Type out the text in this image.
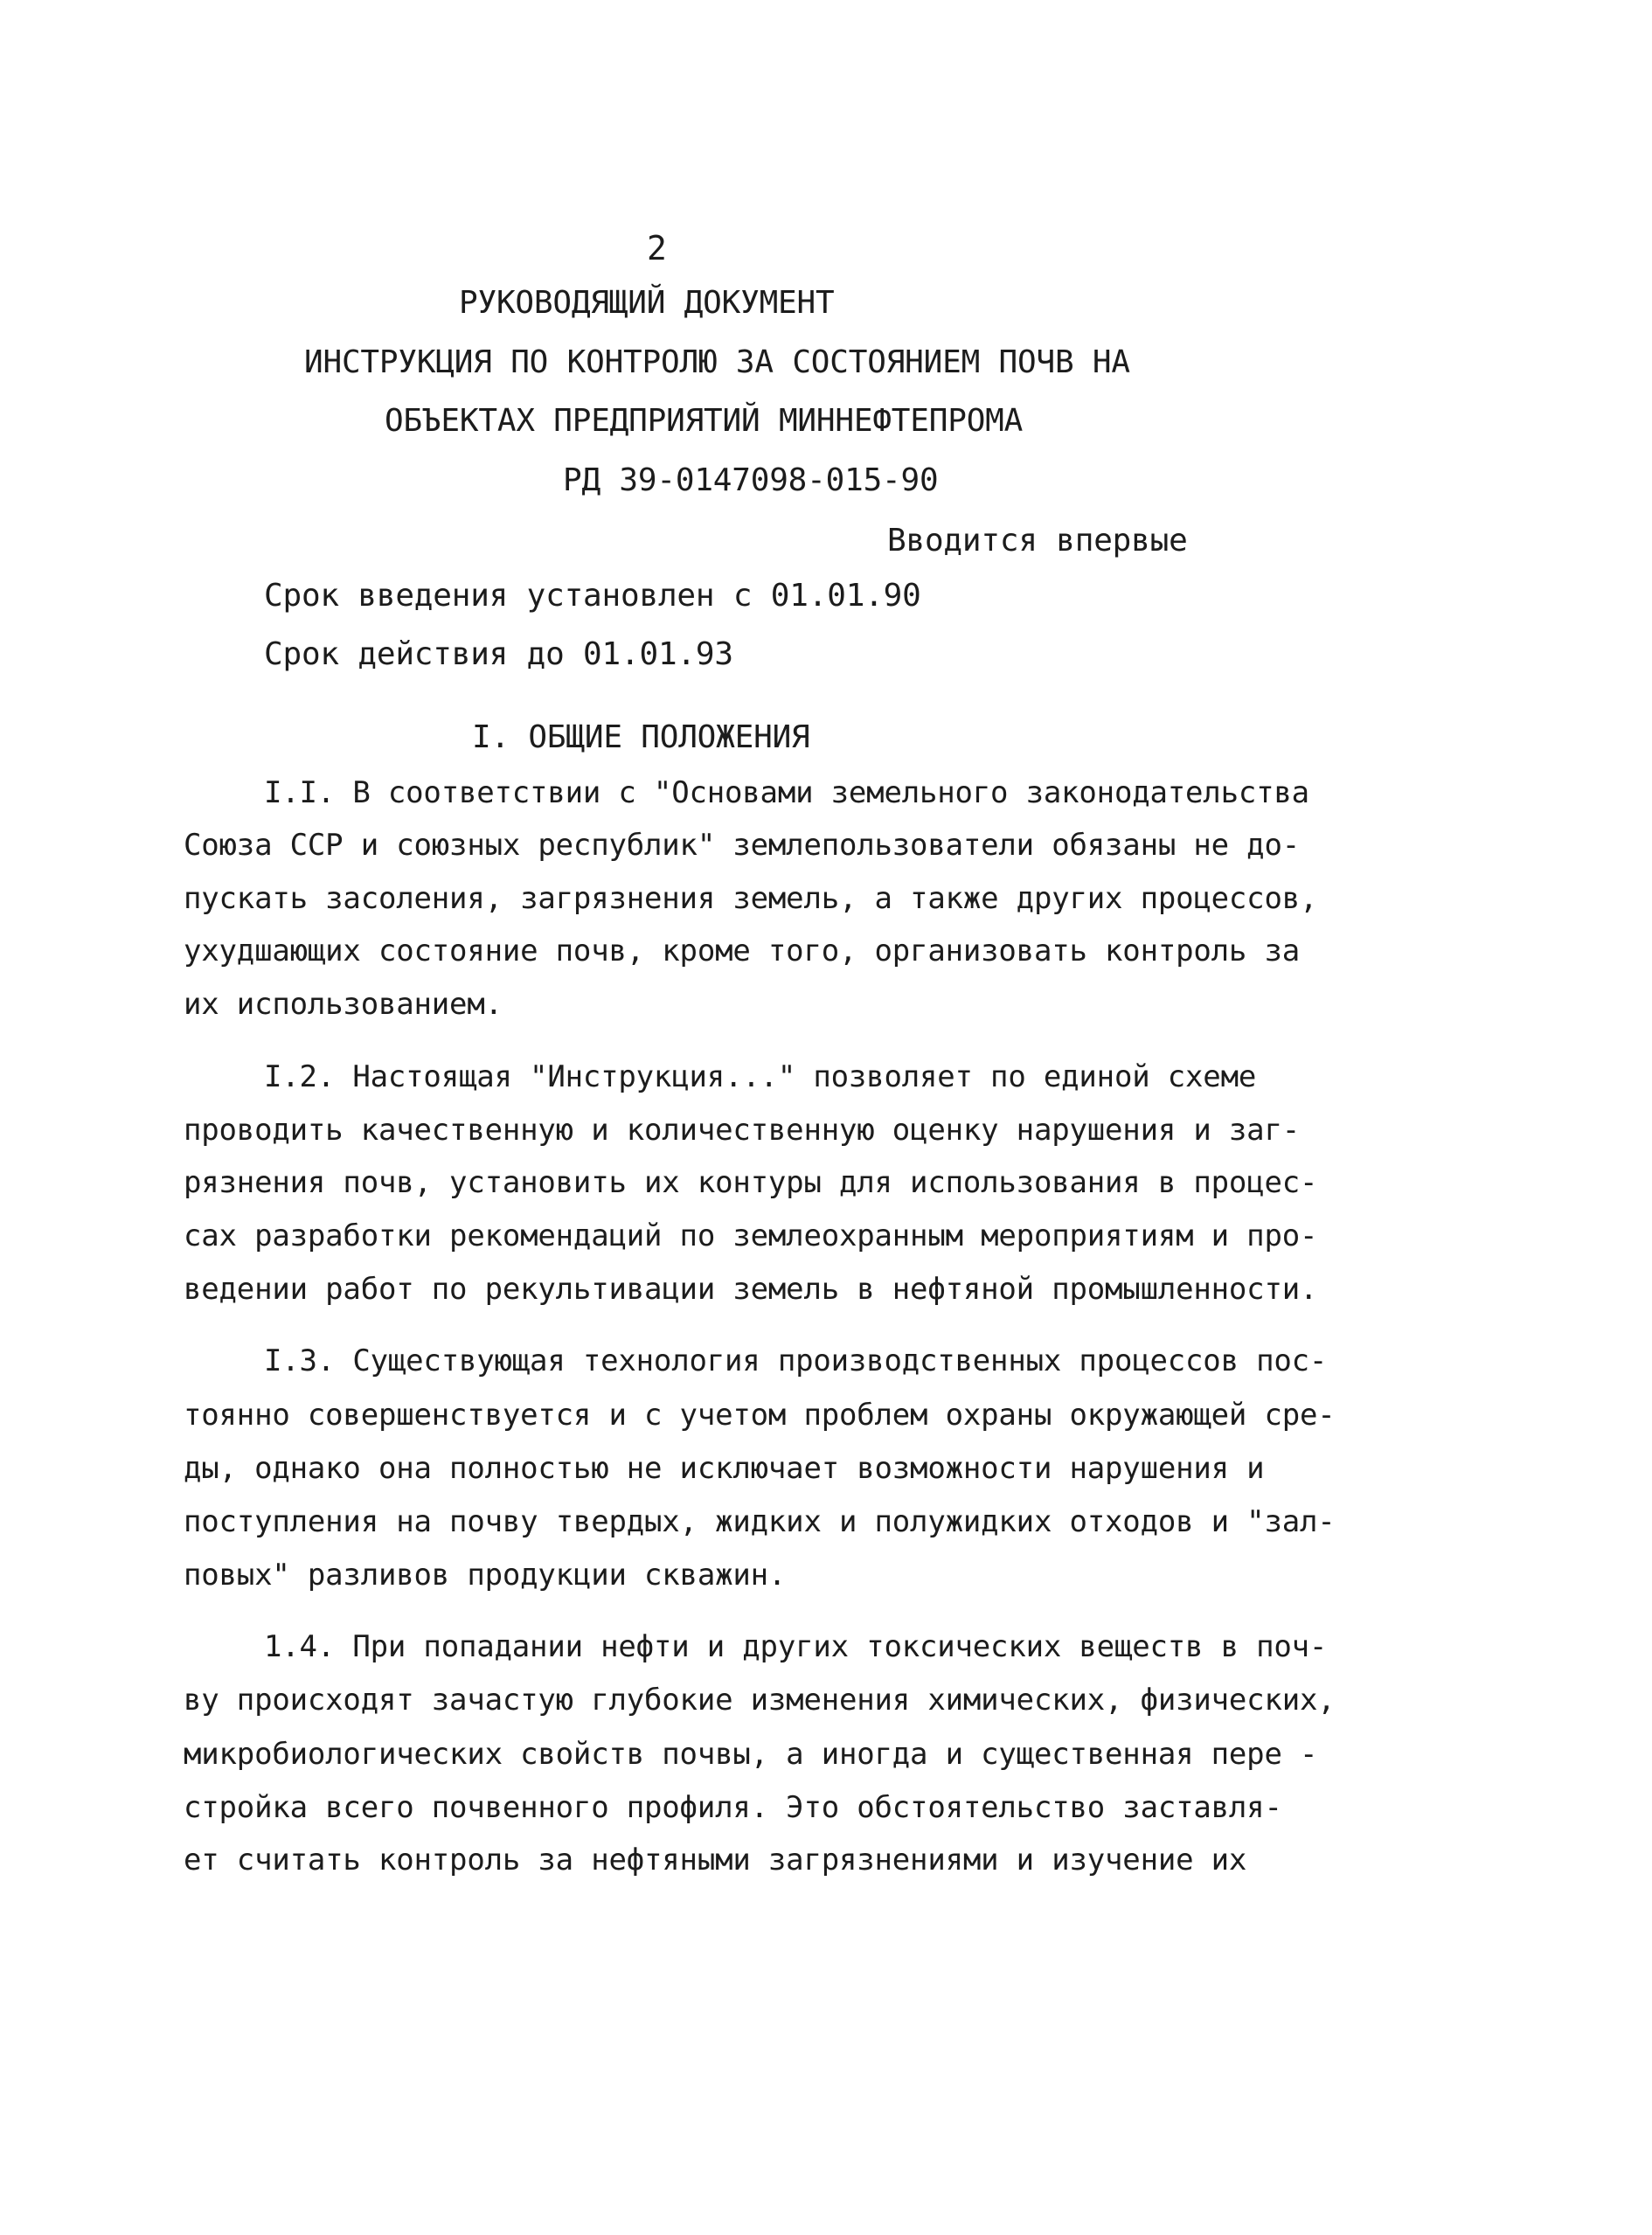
2
РУКОВОДЯЩИЙ ДОКУМЕНТ
ИНСТРУКЦИЯ ПО КОНТРОЛЮ ЗА СОСТОЯНИЕМ ПОЧВ НА
ОБЪЕКТАХ ПРЕДПРИЯТИЙ МИННЕФТЕПРОМА
РД 39-0147098-015-90
Вводится впервые
Срок введения установлен с 01.01.90
Срок действия до 01.01.93
I. ОБЩИЕ ПОЛОЖЕНИЯ
I.I. В соответствии с "Основами земельного законодательства
Союза ССР и союзных республик" землепользователи обязаны не до-
пускать засоления, загрязнения земель, а также других процессов,
ухудшающих состояние почв, кроме того, организовать контроль за
их использованием.
I.2. Настоящая "Инструкция..." позволяет по единой схеме
проводить качественную и количественную оценку нарушения и заг-
рязнения почв, установить их контуры для использования в процес-
сах разработки рекомендаций по землеохранным мероприятиям и про-
ведении работ по рекультивации земель в нефтяной промышленности.
I.3. Существующая технология производственных процессов пос-
тоянно совершенствуется и с учетом проблем охраны окружающей сре-
ды, однако она полностью не исключает возможности нарушения и
поступления на почву твердых, жидких и полужидких отходов и "зал-
повых" разливов продукции скважин.
1.4. При попадании нефти и других токсических веществ в поч-
ву происходят зачастую глубокие изменения химических, физических,
микробиологических свойств почвы, а иногда и существенная пере -
стройка всего почвенного профиля. Это обстоятельство заставля-
ет считать контроль за нефтяными загрязнениями и изучение их
